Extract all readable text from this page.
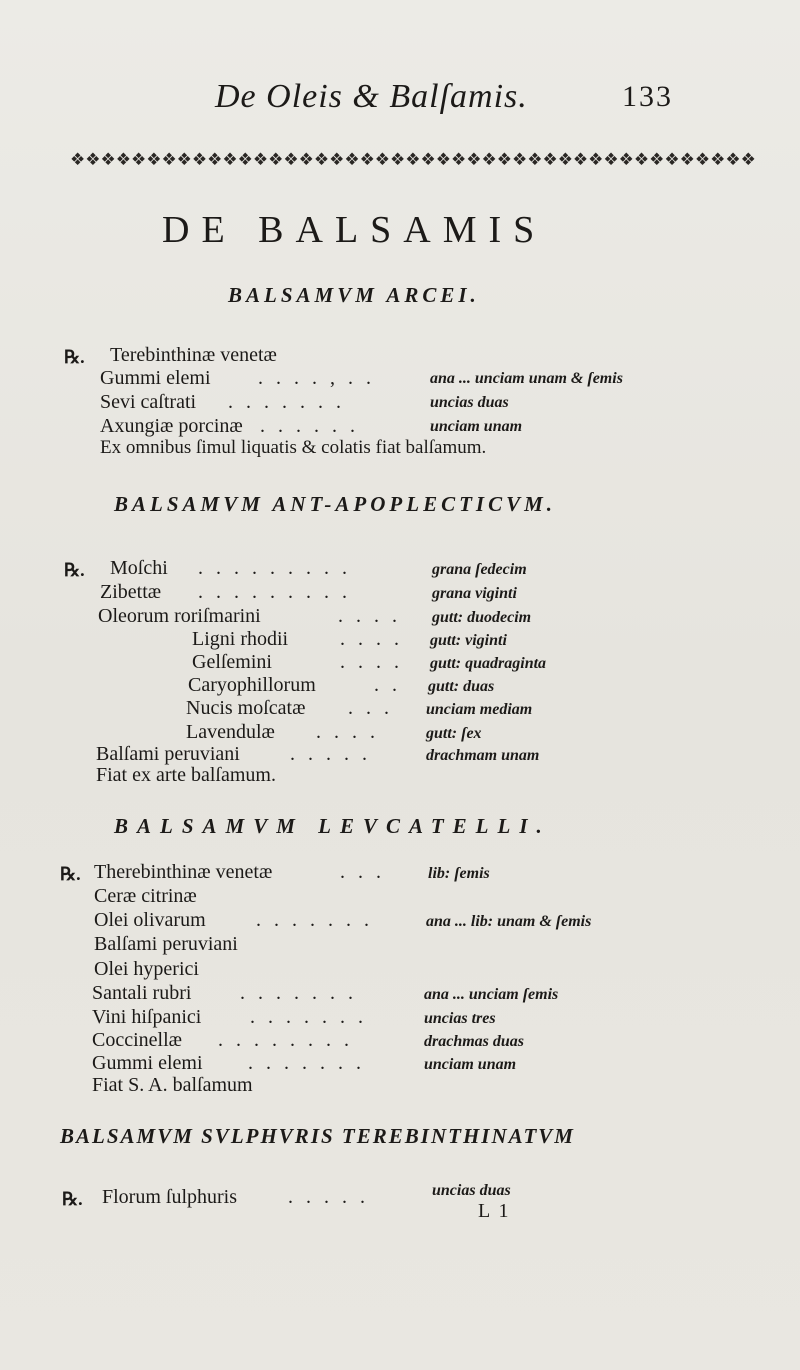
De Oleis & Balſamis.	133
❖❖❖❖❖❖❖❖❖❖❖❖❖❖❖❖❖❖❖❖❖❖❖❖❖❖❖❖❖❖❖❖❖❖❖❖❖❖❖❖❖❖❖❖❖
DE BALSAMIS
BALSAMVM ARCEI.
℞. Terebinthinæ venetæ
Gummi elemi . . . . , . .	ana ... unciam unam & ſemis
Sevi caſtrati . . . . . . .	uncias duas
Axungiæ porcinæ . . . . . .	unciam unam
Ex omnibus ſimul liquatis & colatis fiat balſamum.
BALSAMVM ANT-APOPLECTICVM.
℞. Moſchi . . . . . . . . .	grana ſedecim
Zibettæ . . . . . . . . .	grana viginti
Oleorum roriſmarini	. . . . gutt: duodecim
Ligni rhodii	. . . . gutt: viginti
Gelſemini	. . . . gutt: quadraginta
Caryophillorum	. . gutt: duas
Nucis moſcatæ . . . unciam mediam
Lavendulæ . . . .	gutt: ſex
Balſami peruviani	. . . . .	drachmam unam
Fiat ex arte balſamum.
BALSAMVM LEVCATELLI.
℞. Therebinthinæ venetæ	. . .	lib: ſemis
Ceræ citrinæ
Olei olivarum	. . . . . . .	ana ... lib: unam & ſemis
Balſami peruviani
Olei hyperici
Santali rubri . . . . . . .	ana ... unciam ſemis
Vini hiſpanici . . . . . . .	uncias tres
Coccinellæ . . . . . . . .	drachmas duas
Gummi elemi . . . . . . .	unciam unam
Fiat S. A. balſamum
BALSAMVM SVLPHVRIS TEREBINTHINATVM
℞. Florum ſulphuris	. . . . .	uncias duas
L 1
